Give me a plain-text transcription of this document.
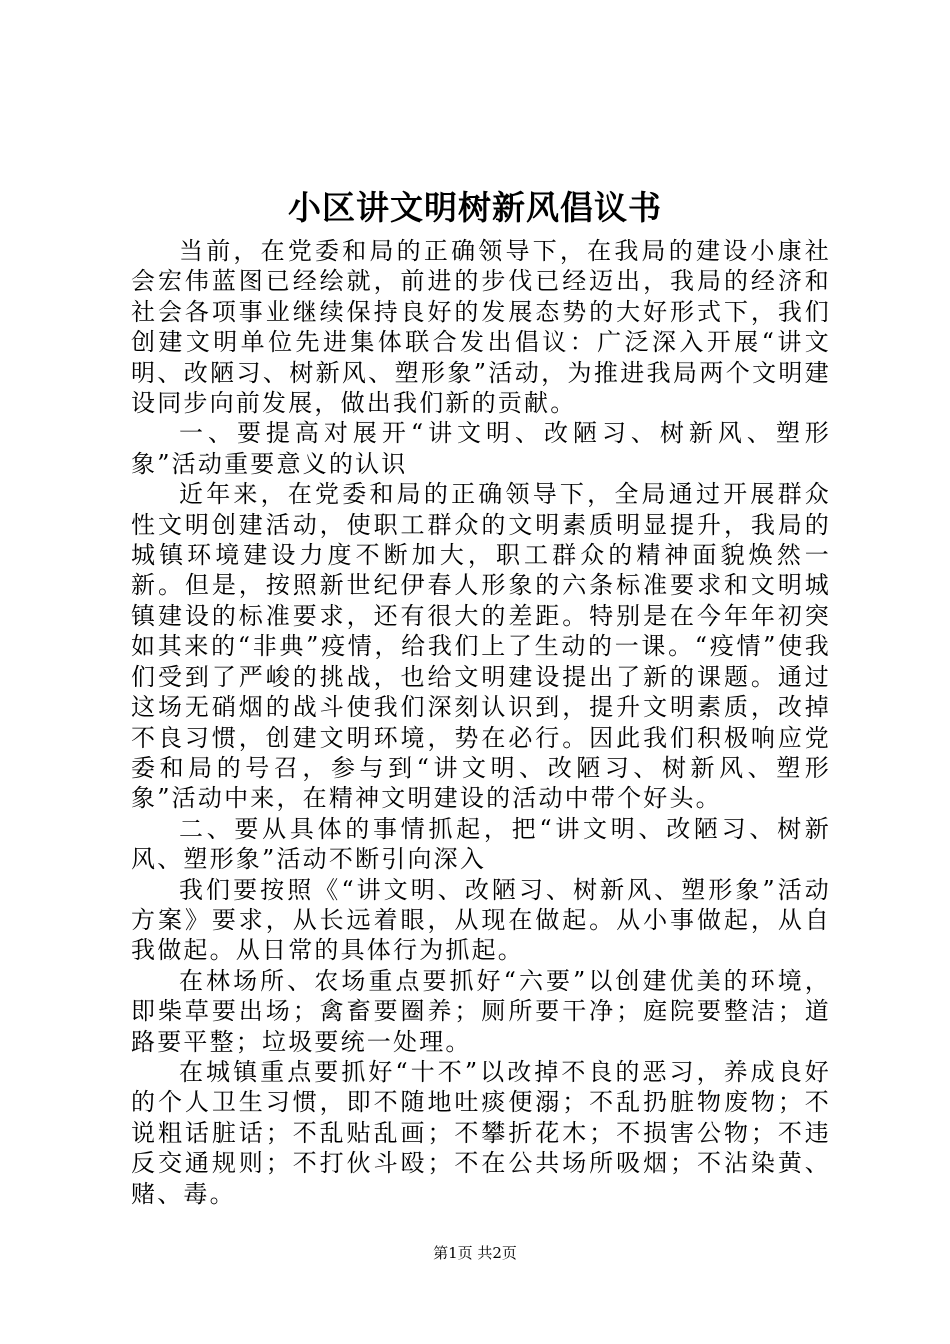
小区讲文明树新风倡议书

当前，在党委和局的正确领导下，在我局的建设小康社会宏伟蓝图已经绘就，前进的步伐已经迈出，我局的经济和社会各项事业继续保持良好的发展态势的大好形式下，我们创建文明单位先进集体联合发出倡议：广泛深入开展“讲文明、改陋习、树新风、塑形象”活动，为推进我局两个文明建设同步向前发展，做出我们新的贡献。

一、要提高对展开“讲文明、改陋习、树新风、塑形象”活动重要意义的认识

近年来，在党委和局的正确领导下，全局通过开展群众性文明创建活动，使职工群众的文明素质明显提升，我局的城镇环境建设力度不断加大，职工群众的精神面貌焕然一新。但是，按照新世纪伊春人形象的六条标准要求和文明城镇建设的标准要求，还有很大的差距。特别是在今年年初突如其来的“非典”疫情，给我们上了生动的一课。“疫情”使我们受到了严峻的挑战，也给文明建设提出了新的课题。通过这场无硝烟的战斗使我们深刻认识到，提升文明素质，改掉不良习惯，创建文明环境，势在必行。因此我们积极响应党委和局的号召，参与到“讲文明、改陋习、树新风、塑形象”活动中来，在精神文明建设的活动中带个好头。

二、要从具体的事情抓起，把“讲文明、改陋习、树新风、塑形象”活动不断引向深入

我们要按照《“讲文明、改陋习、树新风、塑形象”活动方案》要求，从长远着眼，从现在做起。从小事做起，从自我做起。从日常的具体行为抓起。

在林场所、农场重点要抓好“六要”以创建优美的环境，即柴草要出场；禽畜要圈养；厕所要干净；庭院要整洁；道路要平整；垃圾要统一处理。

在城镇重点要抓好“十不”以改掉不良的恶习，养成良好的个人卫生习惯，即不随地吐痰便溺；不乱扔脏物废物；不说粗话脏话；不乱贴乱画；不攀折花木；不损害公物；不违反交通规则；不打伙斗殴；不在公共场所吸烟；不沾染黄、赌、毒。

第1页 共2页
